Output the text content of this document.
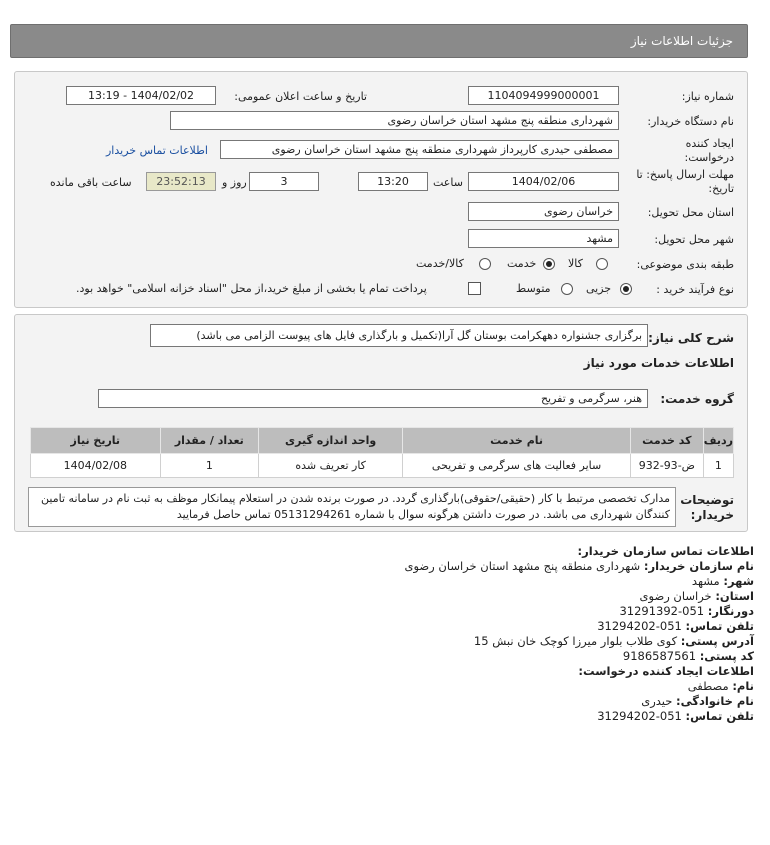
جزئیات اطلاعات نیاز
شماره نیاز:
1104094999000001
تاریخ و ساعت اعلان عمومی:
1404/02/02 - 13:19
نام دستگاه خریدار:
شهرداری منطقه پنج مشهد استان خراسان رضوی
ایجاد کننده درخواست:
مصطفی حیدری کارپرداز شهرداری منطقه پنج مشهد استان خراسان رضوی
اطلاعات تماس خریدار
مهلت ارسال پاسخ: تا تاریخ:
1404/02/06
ساعت
13:20
3
روز و
23:52:13
ساعت باقی مانده
استان محل تحویل:
خراسان رضوی
شهر محل تحویل:
مشهد
طبقه بندی موضوعی:
کالا
خدمت
کالا/خدمت
نوع فرآیند خرید :
جزیی
متوسط
پرداخت تمام یا بخشی از مبلغ خرید،از محل "اسناد خزانه اسلامی" خواهد بود.
شرح کلی نیاز:
برگزاری جشنواره دههکرامت بوستان گل آرا(تکمیل و بارگذاری فایل های پیوست الزامی می باشد)
اطلاعات خدمات مورد نیاز
گروه خدمت:
هنر، سرگرمی و تفریح
ردیف	کد خدمت	نام خدمت	واحد اندازه گیری	تعداد / مقدار	تاریخ نیاز
1	ض-93-932	سایر فعالیت های سرگرمی و تفریحی	کار تعریف شده	1	1404/02/08
توضیحات خریدار:
مدارک تخصصی مرتبط با کار (حقیقی/حقوقی)بارگذاری گردد. در صورت برنده شدن در استعلام پیمانکار موظف به ثبت نام در سامانه تامین کنندگان شهرداری می باشد. در صورت داشتن هرگونه سوال با شماره 05131294261 تماس حاصل فرمایید
اطلاعات تماس سازمان خریدار:
نام سازمان خریدار: شهرداری منطقه پنج مشهد استان خراسان رضوی
شهر: مشهد
استان: خراسان رضوی
دورنگار: 051-31291392
تلفن تماس: 051-31294202
آدرس پستی: کوی طلاب بلوار میرزا کوچک خان نبش 15
کد پستی: 9186587561
اطلاعات ایجاد کننده درخواست:
نام: مصطفی
نام خانوادگی: حیدری
تلفن تماس: 051-31294202
